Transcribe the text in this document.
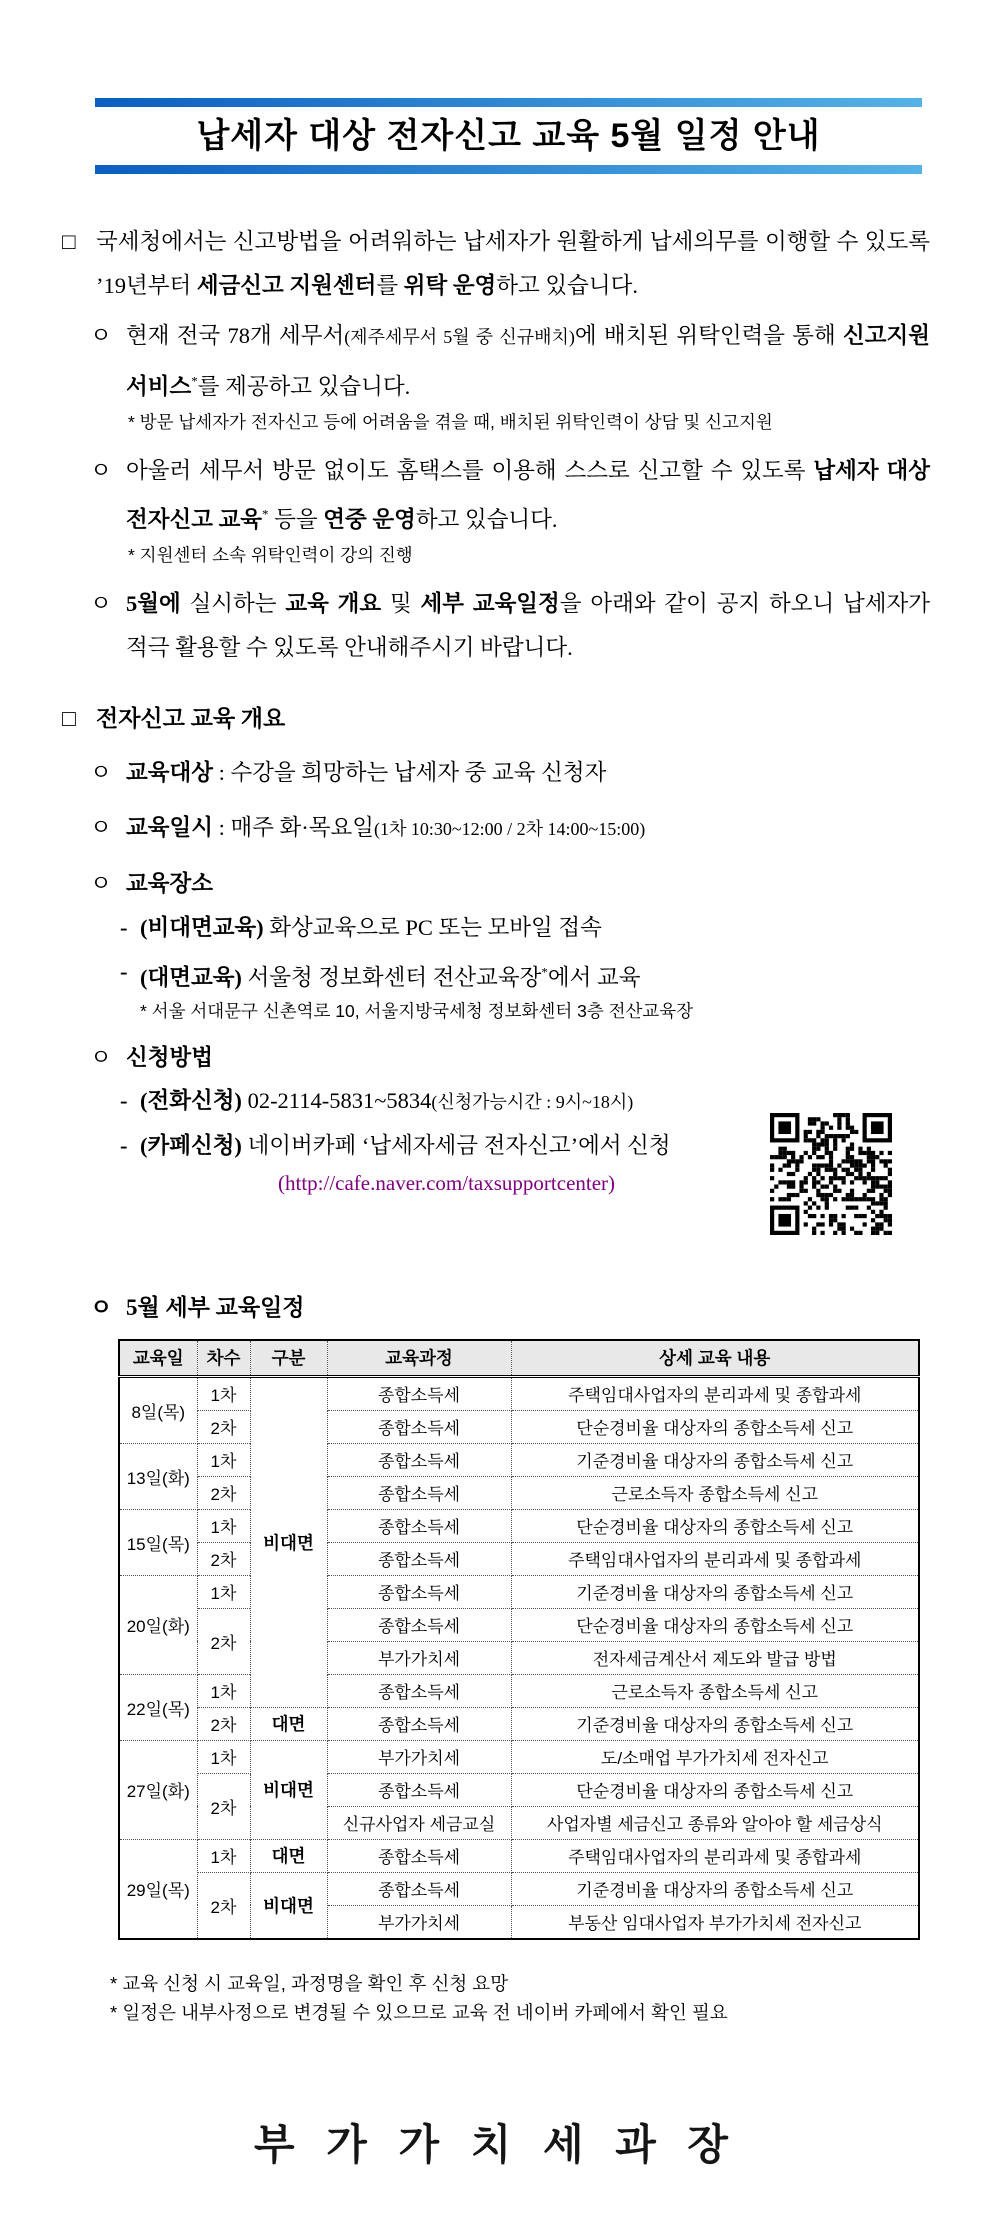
납세자 대상 전자신고 교육 5월 일정 안내
□ 국세청에서는 신고방법을 어려워하는 납세자가 원활하게 납세의무를 이행할 수 있도록 ’19년부터 세금신고 지원센터를 위탁 운영하고 있습니다.
ㅇ 현재 전국 78개 세무서(제주세무서 5월 중 신규배치)에 배치된 위탁인력을 통해 신고지원 서비스*를 제공하고 있습니다.
* 방문 납세자가 전자신고 등에 어려움을 겪을 때, 배치된 위탁인력이 상담 및 신고지원
ㅇ 아울러 세무서 방문 없이도 홈택스를 이용해 스스로 신고할 수 있도록 납세자 대상 전자신고 교육* 등을 연중 운영하고 있습니다.
* 지원센터 소속 위탁인력이 강의 진행
ㅇ 5월에 실시하는 교육 개요 및 세부 교육일정을 아래와 같이 공지 하오니 납세자가 적극 활용할 수 있도록 안내해주시기 바랍니다.
□ 전자신고 교육 개요
ㅇ 교육대상 : 수강을 희망하는 납세자 중 교육 신청자
ㅇ 교육일시 : 매주 화·목요일(1차 10:30~12:00 / 2차 14:00~15:00)
ㅇ 교육장소
- (비대면교육) 화상교육으로 PC 또는 모바일 접속
- (대면교육) 서울청 정보화센터 전산교육장*에서 교육
* 서울 서대문구 신촌역로 10, 서울지방국세청 정보화센터 3층 전산교육장
ㅇ 신청방법
- (전화신청) 02-2114-5831~5834(신청가능시간 : 9시~18시)
- (카페신청) 네이버카페 ‘납세자세금 전자신고’에서 신청
(http://cafe.naver.com/taxsupportcenter)
ㅇ 5월 세부 교육일정
교육일	차수	구분	교육과정	상세 교육 내용
8일(목)	1차	비대면	종합소득세	주택임대사업자의 분리과세 및 종합과세
	2차		종합소득세	단순경비율 대상자의 종합소득세 신고
13일(화)	1차		종합소득세	기준경비율 대상자의 종합소득세 신고
	2차		종합소득세	근로소득자 종합소득세 신고
15일(목)	1차		종합소득세	단순경비율 대상자의 종합소득세 신고
	2차		종합소득세	주택임대사업자의 분리과세 및 종합과세
20일(화)	1차		종합소득세	기준경비율 대상자의 종합소득세 신고
	2차		종합소득세	단순경비율 대상자의 종합소득세 신고
			부가가치세	전자세금계산서 제도와 발급 방법
22일(목)	1차		종합소득세	근로소득자 종합소득세 신고
	2차	대면	종합소득세	기준경비율 대상자의 종합소득세 신고
27일(화)	1차	비대면	부가가치세	도/소매업 부가가치세 전자신고
	2차		종합소득세	단순경비율 대상자의 종합소득세 신고
			신규사업자 세금교실	사업자별 세금신고 종류와 알아야 할 세금상식
29일(목)	1차	대면	종합소득세	주택임대사업자의 분리과세 및 종합과세
	2차	비대면	종합소득세	기준경비율 대상자의 종합소득세 신고
			부가가치세	부동산 임대사업자 부가가치세 전자신고
* 교육 신청 시 교육일, 과정명을 확인 후 신청 요망
* 일정은 내부사정으로 변경될 수 있으므로 교육 전 네이버 카페에서 확인 필요
부 가 가 치 세 과 장
